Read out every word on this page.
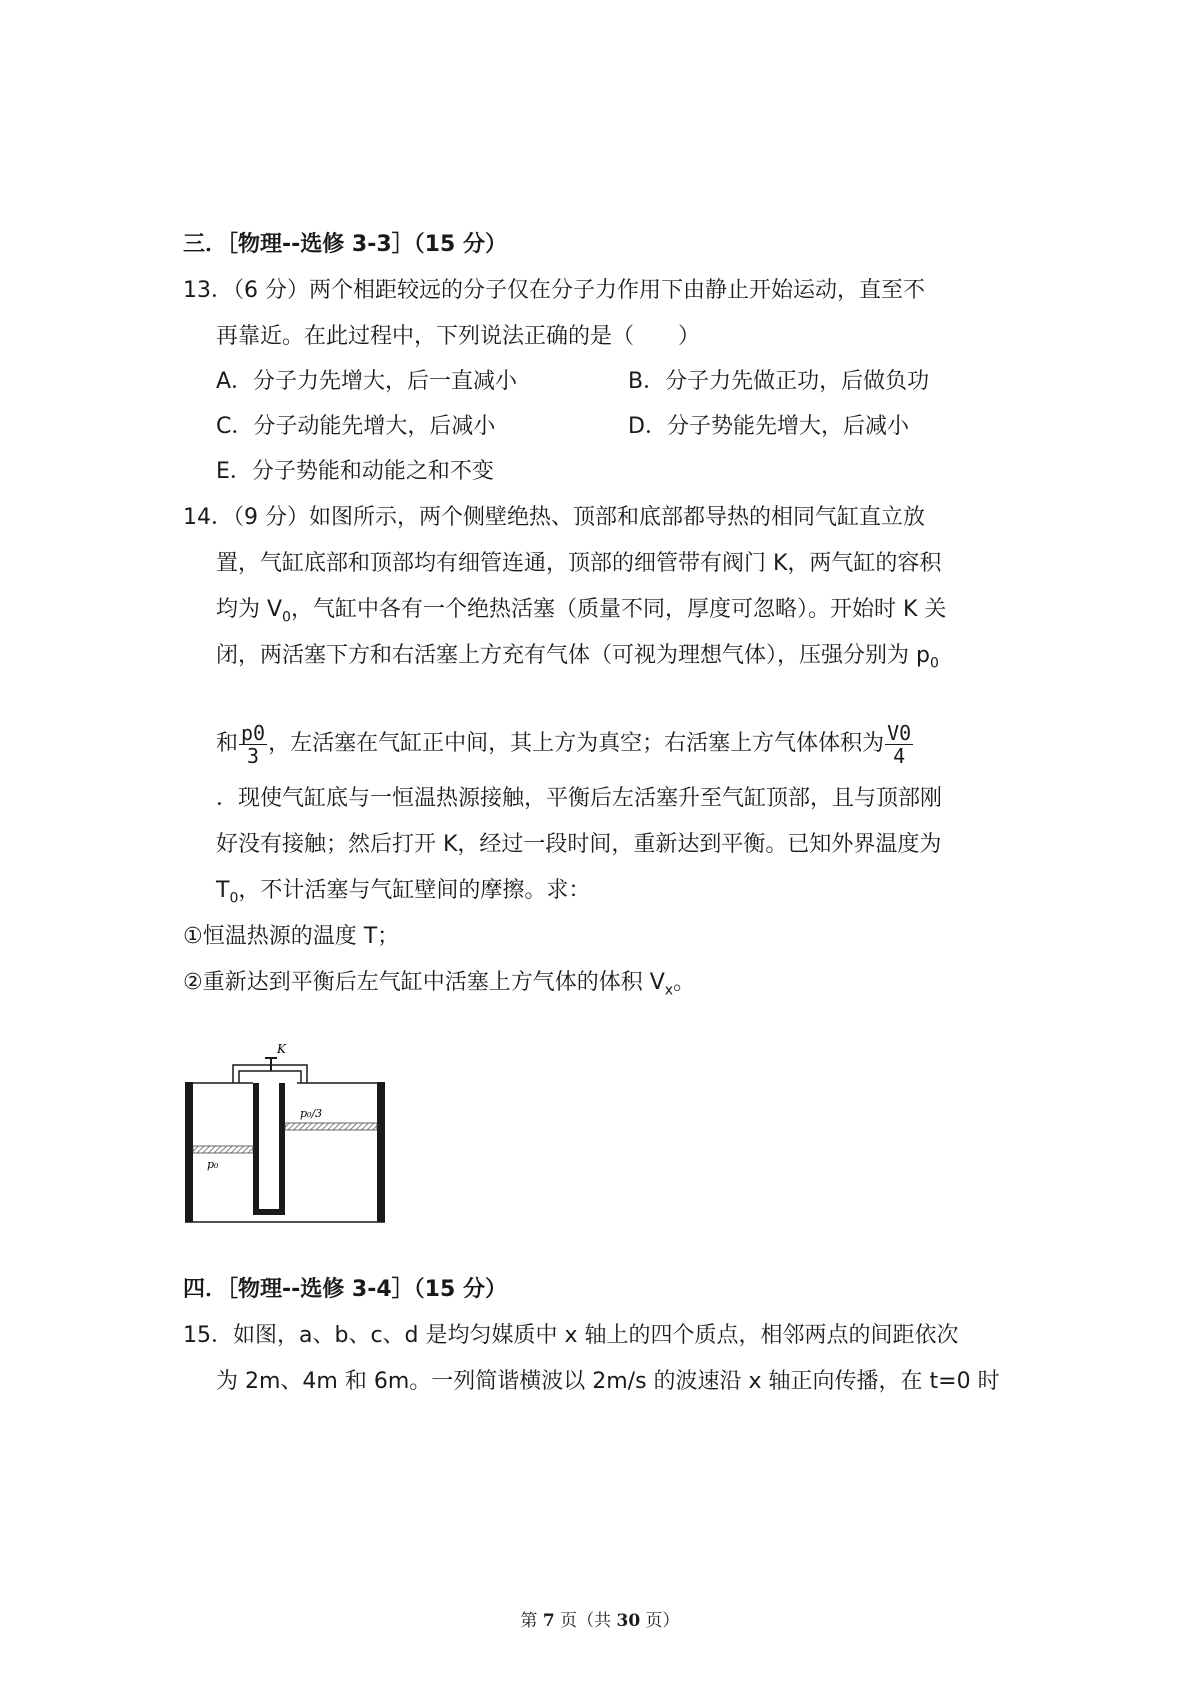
三．［物理--选修 3-3］（15 分）
13．（6 分）两个相距较远的分子仅在分子力作用下由静止开始运动，直至不
再靠近。在此过程中，下列说法正确的是（　　）
A．分子力先增大，后一直减小	B．分子力先做正功，后做负功
C．分子动能先增大，后减小	D．分子势能先增大，后减小
E．分子势能和动能之和不变
14．（9 分）如图所示，两个侧壁绝热、顶部和底部都导热的相同气缸直立放
置，气缸底部和顶部均有细管连通，顶部的细管带有阀门 K，两气缸的容积
均为 $V_0$，气缸中各有一个绝热活塞（质量不同，厚度可忽略）。开始时 K 关
闭，两活塞下方和右活塞上方充有气体（可视为理想气体），压强分别为 $p_0$
和 $\frac{p0}{3}$ ，左活塞在气缸正中间，其上方为真空；右活塞上方气体体积为 $\frac{V0}{4}$
．现使气缸底与一恒温热源接触，平衡后左活塞升至气缸顶部，且与顶部刚
好没有接触；然后打开 K，经过一段时间，重新达到平衡。已知外界温度为
$T_0$，不计活塞与气缸壁间的摩擦。求：
①恒温热源的温度 T；
②重新达到平衡后左气缸中活塞上方气体的体积 $V_x$。
K
p₀/3
p₀
四．［物理--选修 3-4］（15 分）
15．如图，a、b、c、d 是均匀媒质中 x 轴上的四个质点，相邻两点的间距依次
为 2m、4m 和 6m。一列简谐横波以 2m/s 的波速沿 x 轴正向传播，在 t=0 时
第 7 页（共 30 页）
